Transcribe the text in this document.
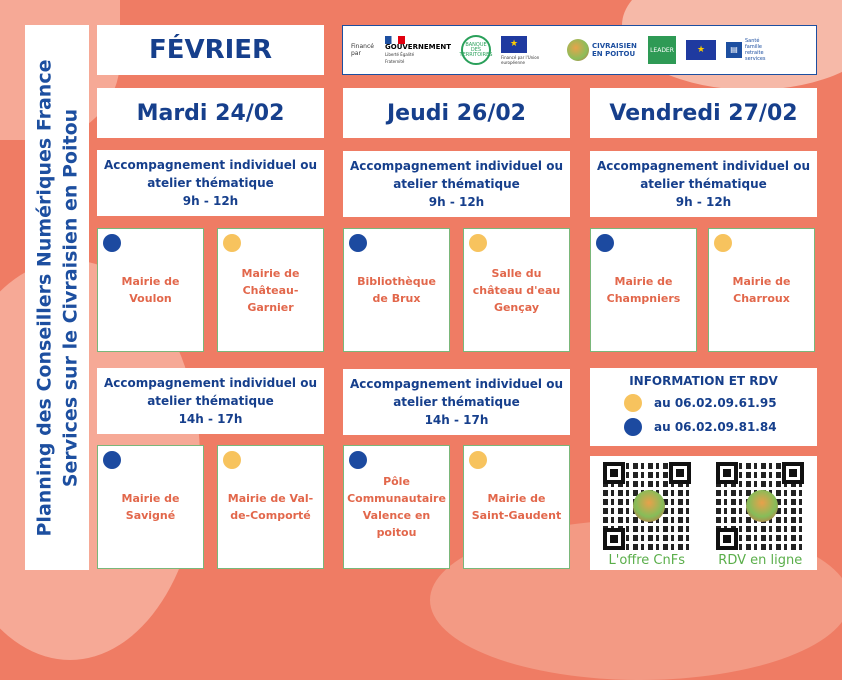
Planning des Conseillers Numériques France Services sur le Civraisien en Poitou
FÉVRIER	Financé par
GOUVERNEMENT
Liberté Égalité Fraternité
BANQUE DES TERRITOIRES
★
Financé par l'Union européenne
CIVRAISIEN EN POITOU	LEADER	★	▤
Santé famille retraite services
Mardi 24/02	Jeudi 26/02	Vendredi 27/02
Accompagnement individuel ou atelier thématique
9h - 12h
Accompagnement individuel ou atelier thématique
9h - 12h
Accompagnement individuel ou atelier thématique
9h - 12h
Mairie de Voulon
Mairie de Château-Garnier
Bibliothèque de Brux
Salle du château d'eau Gençay
Mairie de Champniers
Mairie de Charroux
Accompagnement individuel ou atelier thématique
14h - 17h
Accompagnement individuel ou atelier thématique
14h - 17h
Mairie de Savigné
Mairie de Val-de-Comporté
Pôle Communautaire Valence en poitou
Mairie de Saint-Gaudent
INFORMATION ET RDV
au 06.02.09.61.95
au 06.02.09.81.84
L'offre CnFs	RDV en ligne
